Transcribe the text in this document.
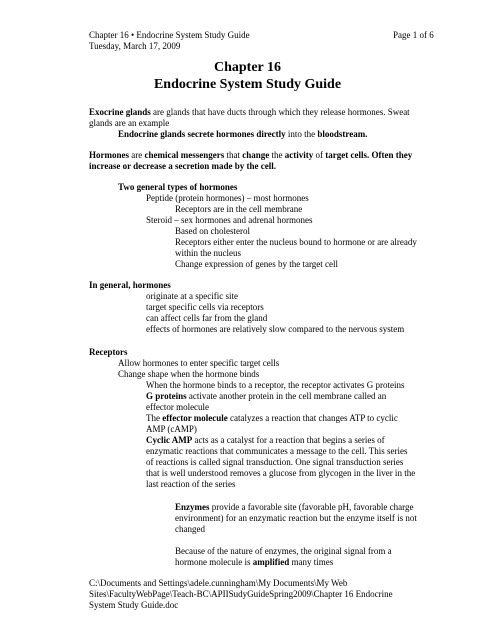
Chapter 16 • Endocrine System Study Guide	Page 1 of 6
Tuesday, March 17, 2009
Chapter 16
Endocrine System Study Guide
Exocrine glands are glands that have ducts through which they release hormones. Sweat
glands are an example
Endocrine glands secrete hormones directly into the bloodstream.
Hormones are chemical messengers that change the activity of target cells. Often they
increase or decrease a secretion made by the cell.
Two general types of hormones
Peptide (protein hormones) – most hormones
Receptors are in the cell membrane
Steroid – sex hormones and adrenal hormones
Based on cholesterol
Receptors either enter the nucleus bound to hormone or are already
within the nucleus
Change expression of genes by the target cell
In general, hormones
originate at a specific site
target specific cells via receptors
can affect cells far from the gland
effects of hormones are relatively slow compared to the nervous system
Receptors
Allow hormones to enter specific target cells
Change shape when the hormone binds
When the hormone binds to a receptor, the receptor activates G proteins
G proteins activate another protein in the cell membrane called an
effector molecule
The effector molecule catalyzes a reaction that changes ATP to cyclic
AMP (cAMP)
Cyclic AMP acts as a catalyst for a reaction that begins a series of
enzymatic reactions that communicates a message to the cell. This series
of reactions is called signal transduction. One signal transduction series
that is well understood removes a glucose from glycogen in the liver in the
last reaction of the series
Enzymes provide a favorable site (favorable pH, favorable charge
environment) for an enzymatic reaction but the enzyme itself is not
changed
Because of the nature of enzymes, the original signal from a
hormone molecule is amplified many times
C:\Documents and Settings\adele.cunningham\My Documents\My Web
Sites\FacultyWebPage\Teach-BC\APIISudyGuideSpring2009\Chapter 16 Endocrine
System Study Guide.doc
